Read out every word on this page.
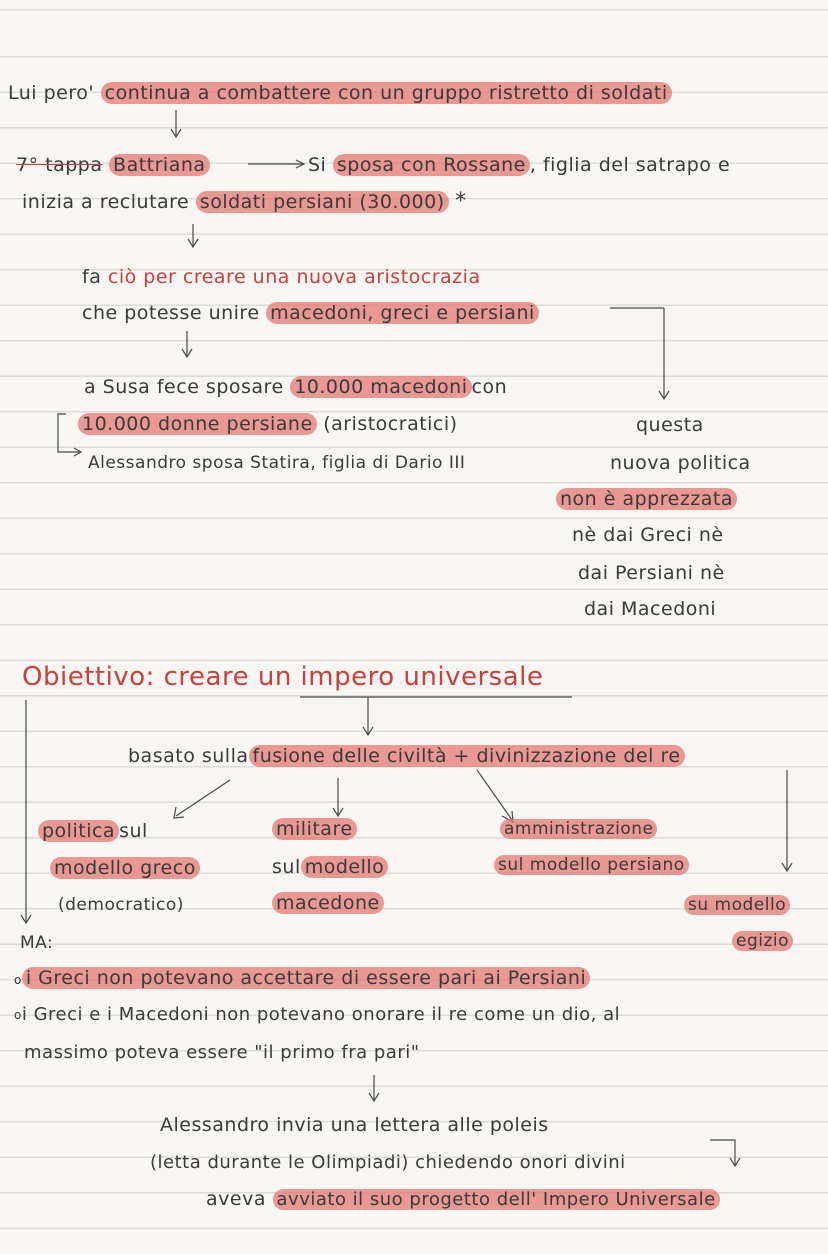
Lui pero' continua a combattere con un gruppo ristretto di soldati
7° tappa Battriana	Si sposa con Rossane , figlia del satrapo e
inizia a reclutare soldati persiani (30.000) *
fa ciò per creare una nuova aristocrazia
che potesse unire macedoni, greci e persiani
a Susa fece sposare 10.000 macedoni con
10.000 donne persiane (aristocratici)
Alessandro sposa Statira, figlia di Dario III
questa
nuova politica
non è apprezzata
nè dai Greci nè
dai Persiani nè
dai Macedoni
Obiettivo: creare un impero universale
basato sulla fusione delle civiltà + divinizzazione del re
politica sul
modello greco
(democratico)
militare
sul modello
macedone
amministrazione
sul modello persiano
su modello
egizio
MA:
o i Greci non potevano accettare di essere pari ai Persiani
$^o$i Greci e i Macedoni non potevano onorare il re come un dio, al
massimo poteva essere "il primo fra pari"
Alessandro invia una lettera alle poleis
(letta durante le Olimpiadi) chiedendo onori divini
aveva avviato il suo progetto dell' Impero Universale
